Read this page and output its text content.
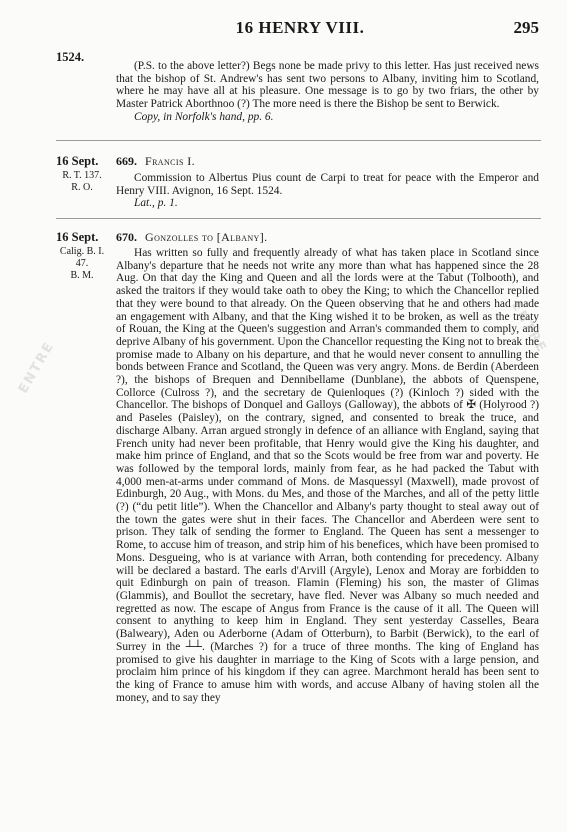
16 HENRY VIII.	295
1524.
(P.S. to the above letter?) Begs none be made privy to this letter. Has just received news that the bishop of St. Andrew's has sent two persons to Albany, inviting him to Scotland, where he may have all at his pleasure. One message is to go by two friars, the other by Master Patrick Aborthnoo (?) The more need is there the Bishop be sent to Berwick.
Copy, in Norfolk's hand, pp. 6.
16 Sept.
R. T. 137.
R. O.
669. Francis I.
Commission to Albertus Pius count de Carpi to treat for peace with the Emperor and Henry VIII. Avignon, 16 Sept. 1524.
Lat., p. 1.
16 Sept.
Calig. B. I.
47.
B. M.
670. Gonzolles to [Albany].
Has written so fully and frequently already of what has taken place in Scotland since Albany's departure that he needs not write any more than what has happened since the 28 Aug. On that day the King and Queen and all the lords were at the Tabut (Tolbooth), and asked the traitors if they would take oath to obey the King; to which the Chancellor replied that they were bound to that already. On the Queen observing that he and others had made an engagement with Albany, and that the King wished it to be broken, as well as the treaty of Rouan, the King at the Queen's suggestion and Arran's commanded them to comply, and deprive Albany of his government. Upon the Chancellor requesting the King not to break the promise made to Albany on his departure, and that he would never consent to annulling the bonds between France and Scotland, the Queen was very angry. Mons. de Berdin (Aberdeen ?), the bishops of Brequen and Dennibellame (Dunblane), the abbots of Quenspene, Collorce (Culross ?), and the secretary de Quienloques (?) (Kinloch ?) sided with the Chancellor. The bishops of Donquel and Galloys (Galloway), the abbots of ✠ (Holyrood ?) and Paseles (Paisley), on the contrary, signed, and consented to break the truce, and discharge Albany. Arran argued strongly in defence of an alliance with England, saying that French unity had never been profitable, that Henry would give the King his daughter, and make him prince of England, and that so the Scots would be free from war and poverty. He was followed by the temporal lords, mainly from fear, as he had packed the Tabut with 4,000 men-at-arms under command of Mons. de Masquessyl (Maxwell), made provost of Edinburgh, 20 Aug., with Mons. du Mes, and those of the Marches, and all of the petty little (?) (“du petit litle”). When the Chancellor and Albany's party thought to steal away out of the town the gates were shut in their faces. The Chancellor and Aberdeen were sent to prison. They talk of sending the former to England. The Queen has sent a messenger to Rome, to accuse him of treason, and strip him of his benefices, which have been promised to Mons. Desgueing, who is at variance with Arran, both contending for precedency. Albany will be declared a bastard. The earls d'Arvill (Argyle), Lenox and Moray are forbidden to quit Edinburgh on pain of treason. Flamin (Fleming) his son, the master of Glimas (Glammis), and Boullot the secretary, have fled. Never was Albany so much needed and regretted as now. The escape of Angus from France is the cause of it all. The Queen will consent to anything to keep him in England. They sent yesterday Casselles, Beara (Balweary), Aden ou Aderborne (Adam of Otterburn), to Barbit (Berwick), to the earl of Surrey in the ┴┴. (Marches ?) for a truce of three months. The king of England has promised to give his daughter in marriage to the King of Scots with a large pension, and proclaim him prince of his kingdom if they can agree. Marchmont herald has been sent to the king of France to amuse him with words, and accuse Albany of having stolen all the money, and to say they
ENTRE
ENTRE
